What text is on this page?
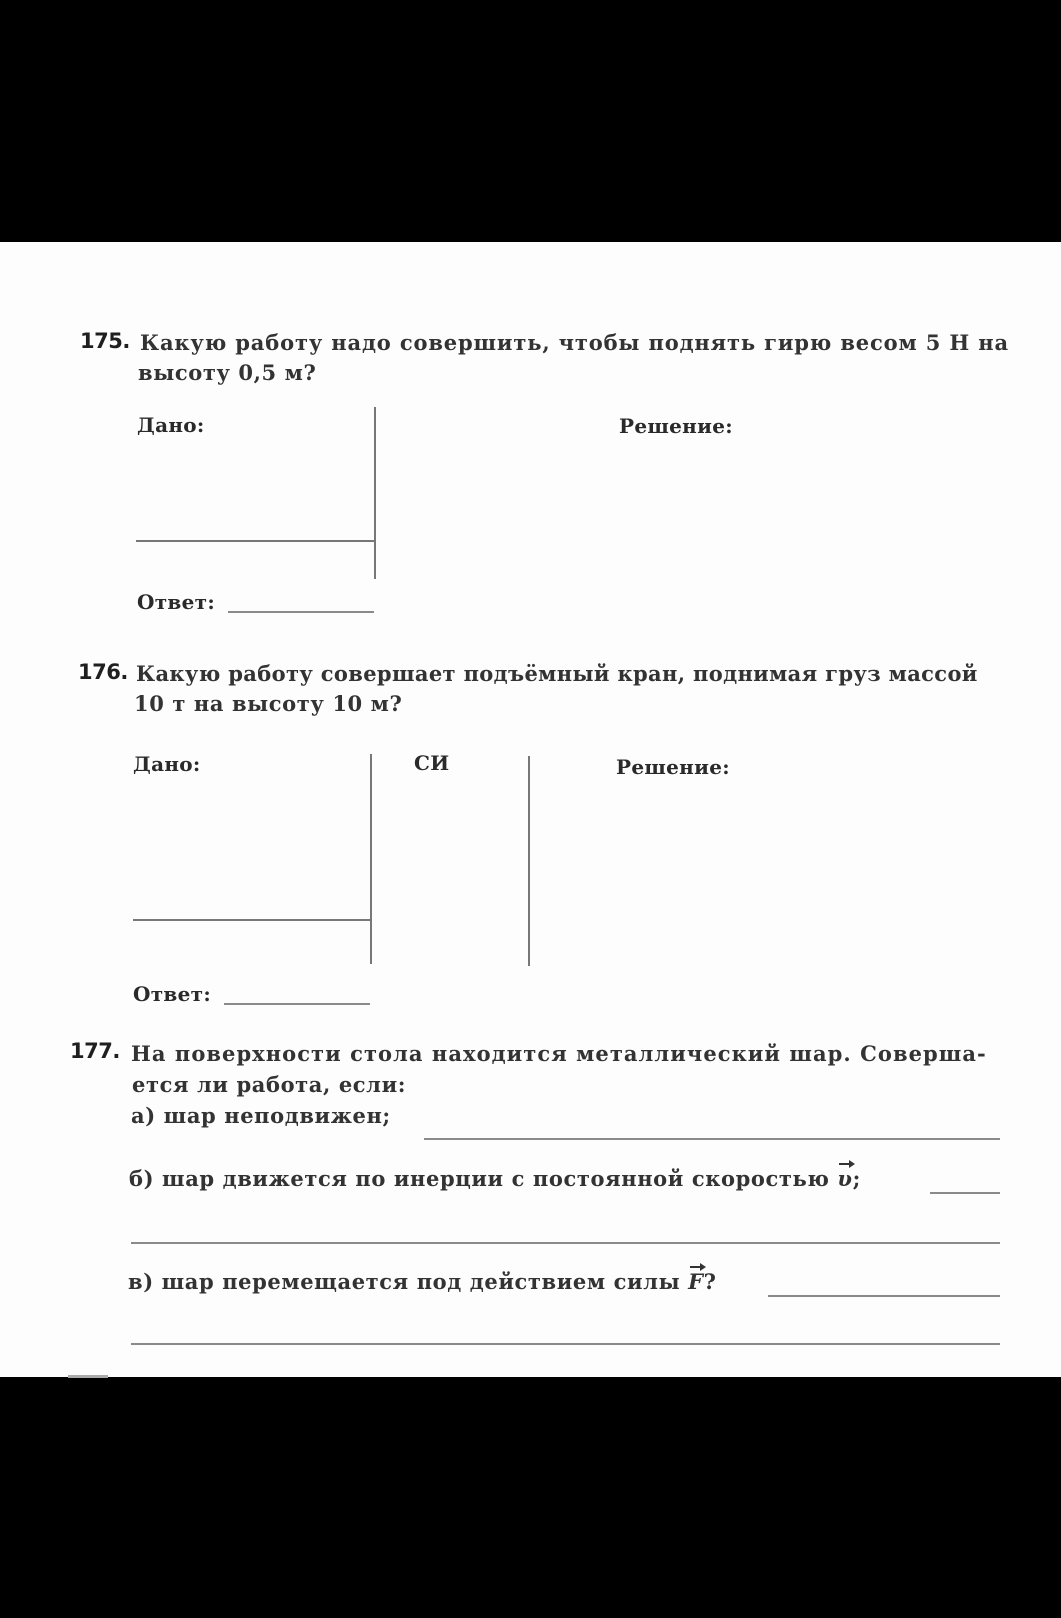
175. Какую работу надо совершить, чтобы поднять гирю весом 5 Н на
высоту 0,5 м?
Дано:	Решение:
Ответ:
176. Какую работу совершает подъёмный кран, поднимая груз массой
10 т на высоту 10 м?
Дано:	СИ	Решение:
Ответ:
177. На поверхности стола находится металлический шар. Соверша-
ется ли работа, если:
а) шар неподвижен;
б) шар движется по инерции с постоянной скоростью υ;
в) шар перемещается под действием силы F?
